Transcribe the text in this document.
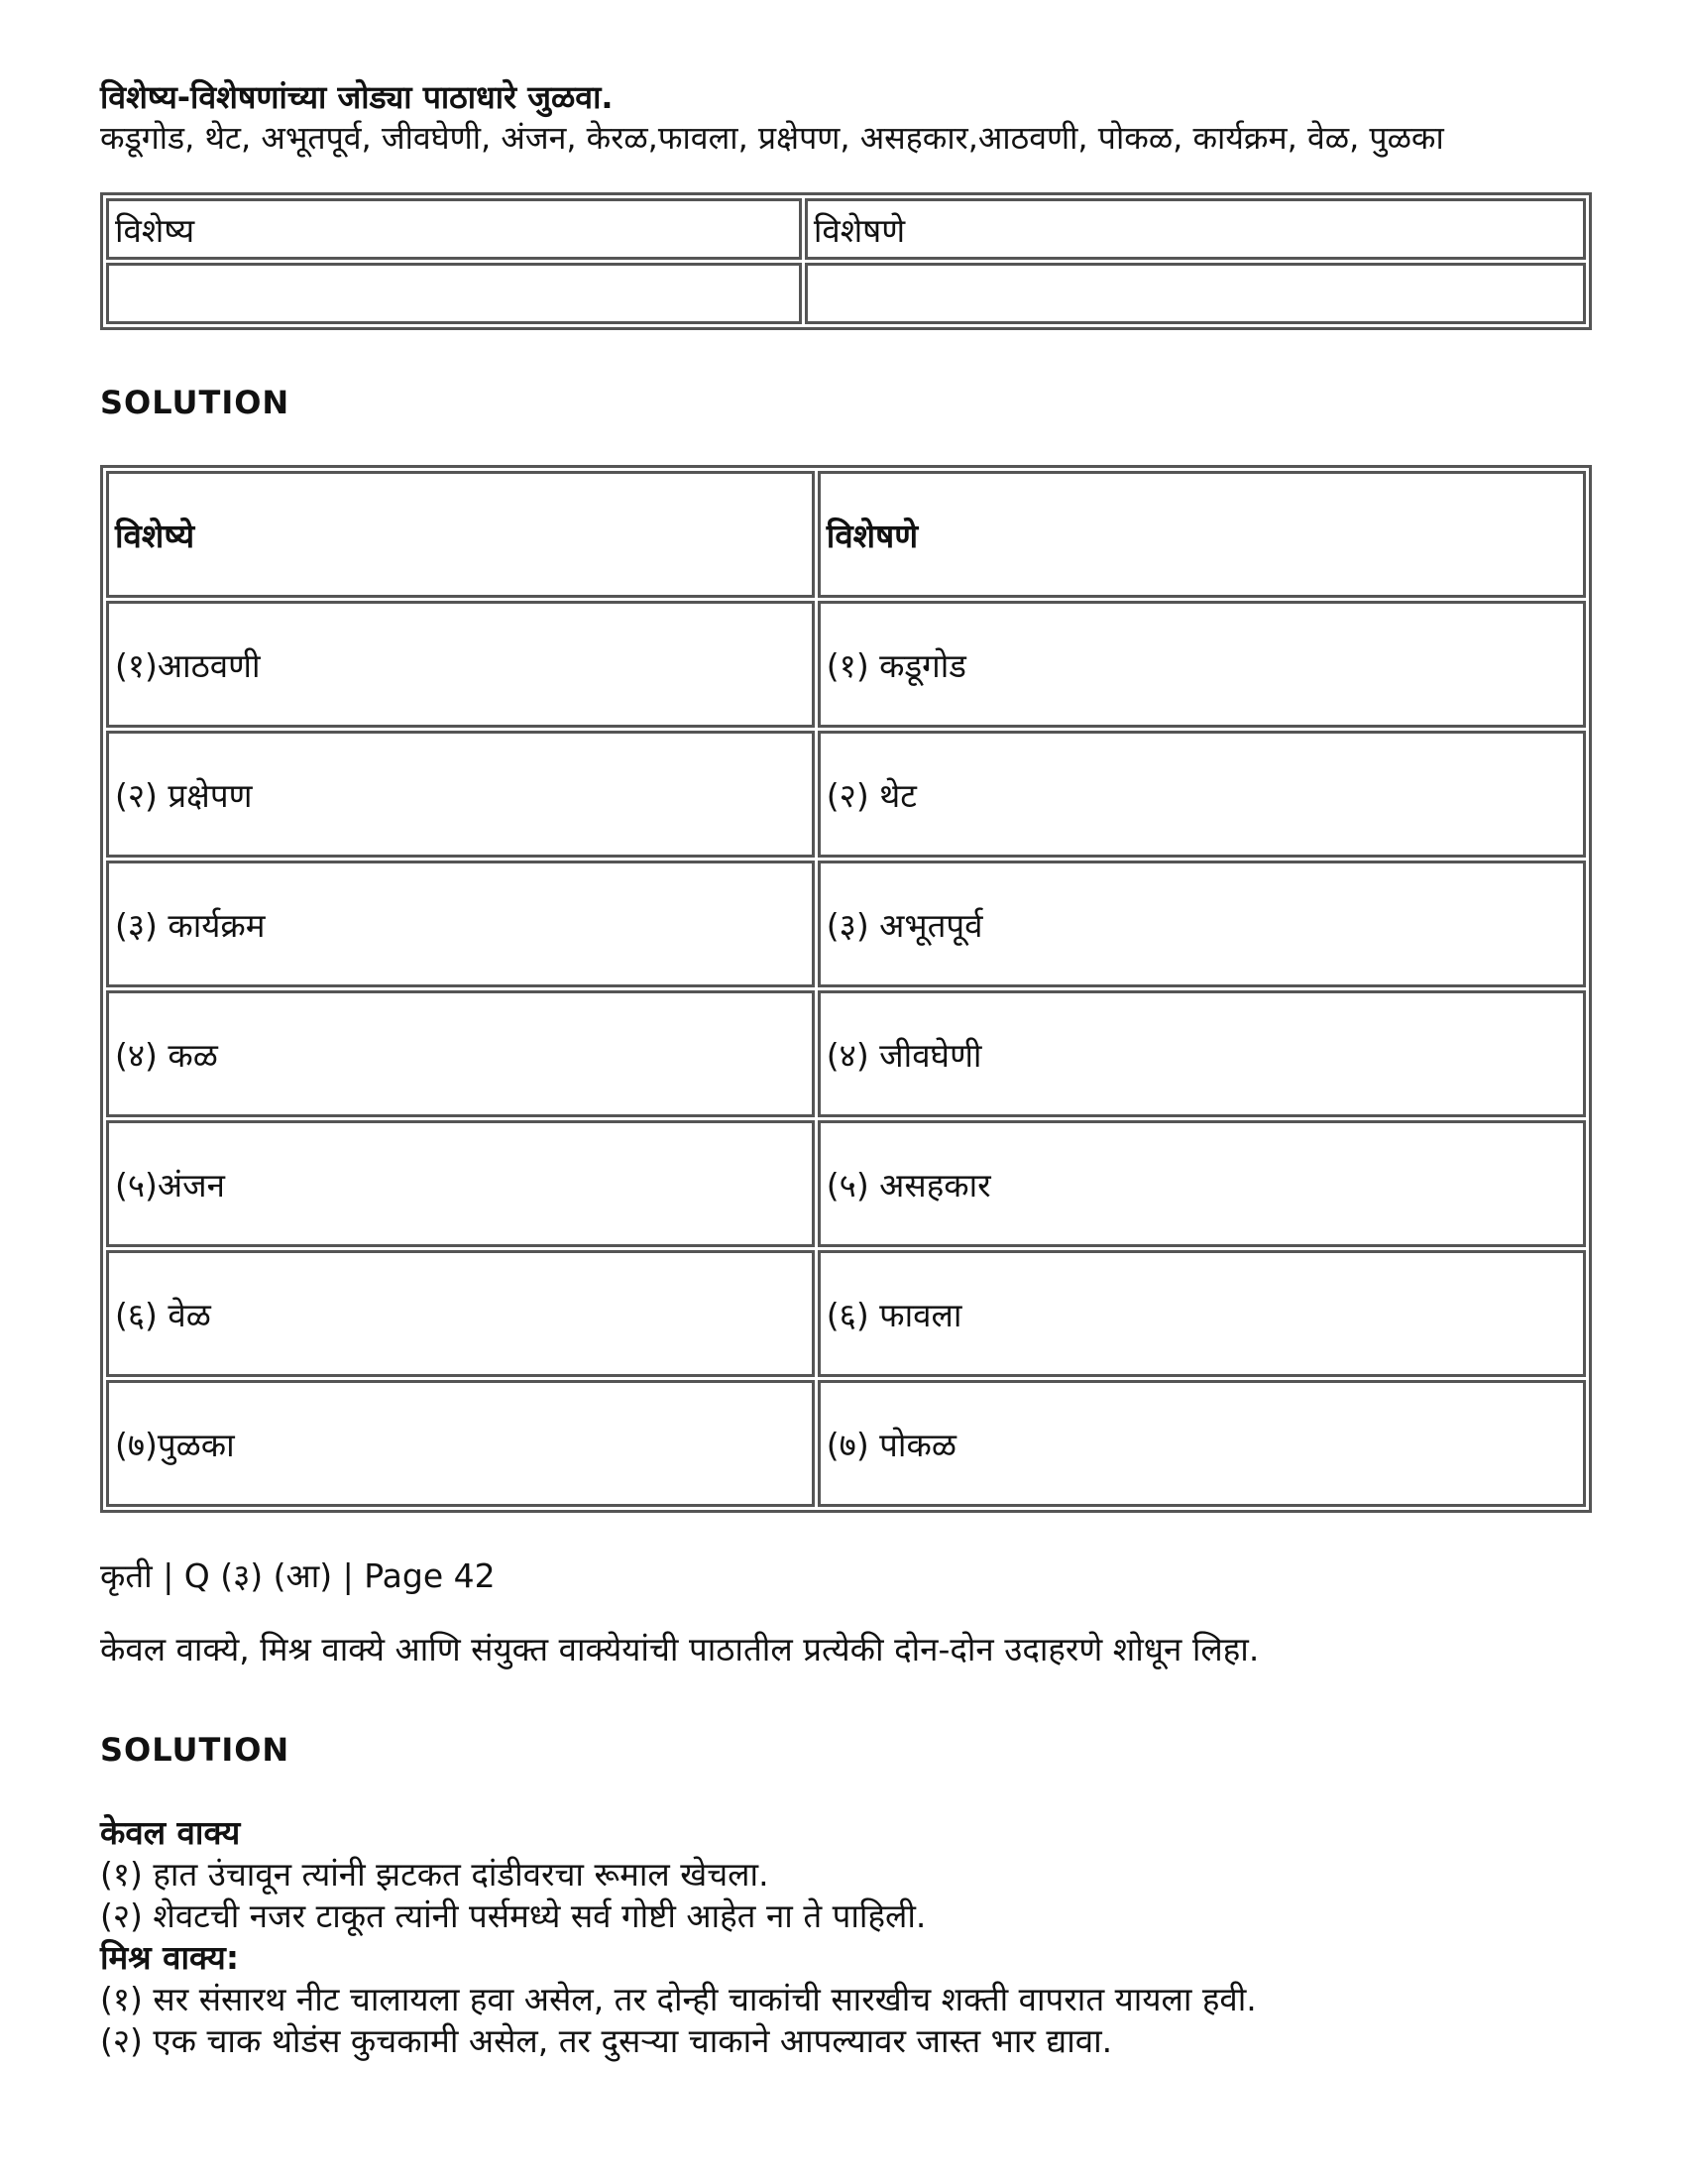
विशेष्य-विशेषणांच्या जोड्या पाठाधारे जुळवा.

कडूगोड, थेट, अभूतपूर्व, जीवघेणी, अंजन, केरळ,फावला, प्रक्षेपण, असहकार,आठवणी, पोकळ, कार्यक्रम, वेळ, पुळका

विशेष्य	विशेषणे

SOLUTION

विशेष्ये	विशेषणे
(१)आठवणी	(१) कडूगोड
(२) प्रक्षेपण	(२) थेट
(३) कार्यक्रम	(३) अभूतपूर्व
(४) कळ	(४) जीवघेणी
(५)अंजन	(५) असहकार
(६) वेळ	(६) फावला
(७)पुळका	(७) पोकळ
कृती | Q (३) (आ) | Page 42
केवल वाक्ये, मिश्र वाक्ये आणि संयुक्त वाक्येयांची पाठातील प्रत्येकी दोन-दोन उदाहरणे शोधून लिहा.

SOLUTION

केवल वाक्य
(१) हात उंचावून त्यांनी झटकत दांडीवरचा रूमाल खेचला.
(२) शेवटची नजर टाकूत त्यांनी पर्समध्ये सर्व गोष्टी आहेत ना ते पाहिली.
मिश्र वाक्य:
(१) सर संसारथ नीट चालायला हवा असेल, तर दोन्ही चाकांची सारखीच शक्ती वापरात यायला हवी.
(२) एक चाक थोडंस कुचकामी असेल, तर दुसऱ्या चाकाने आपल्यावर जास्त भार द्यावा.
